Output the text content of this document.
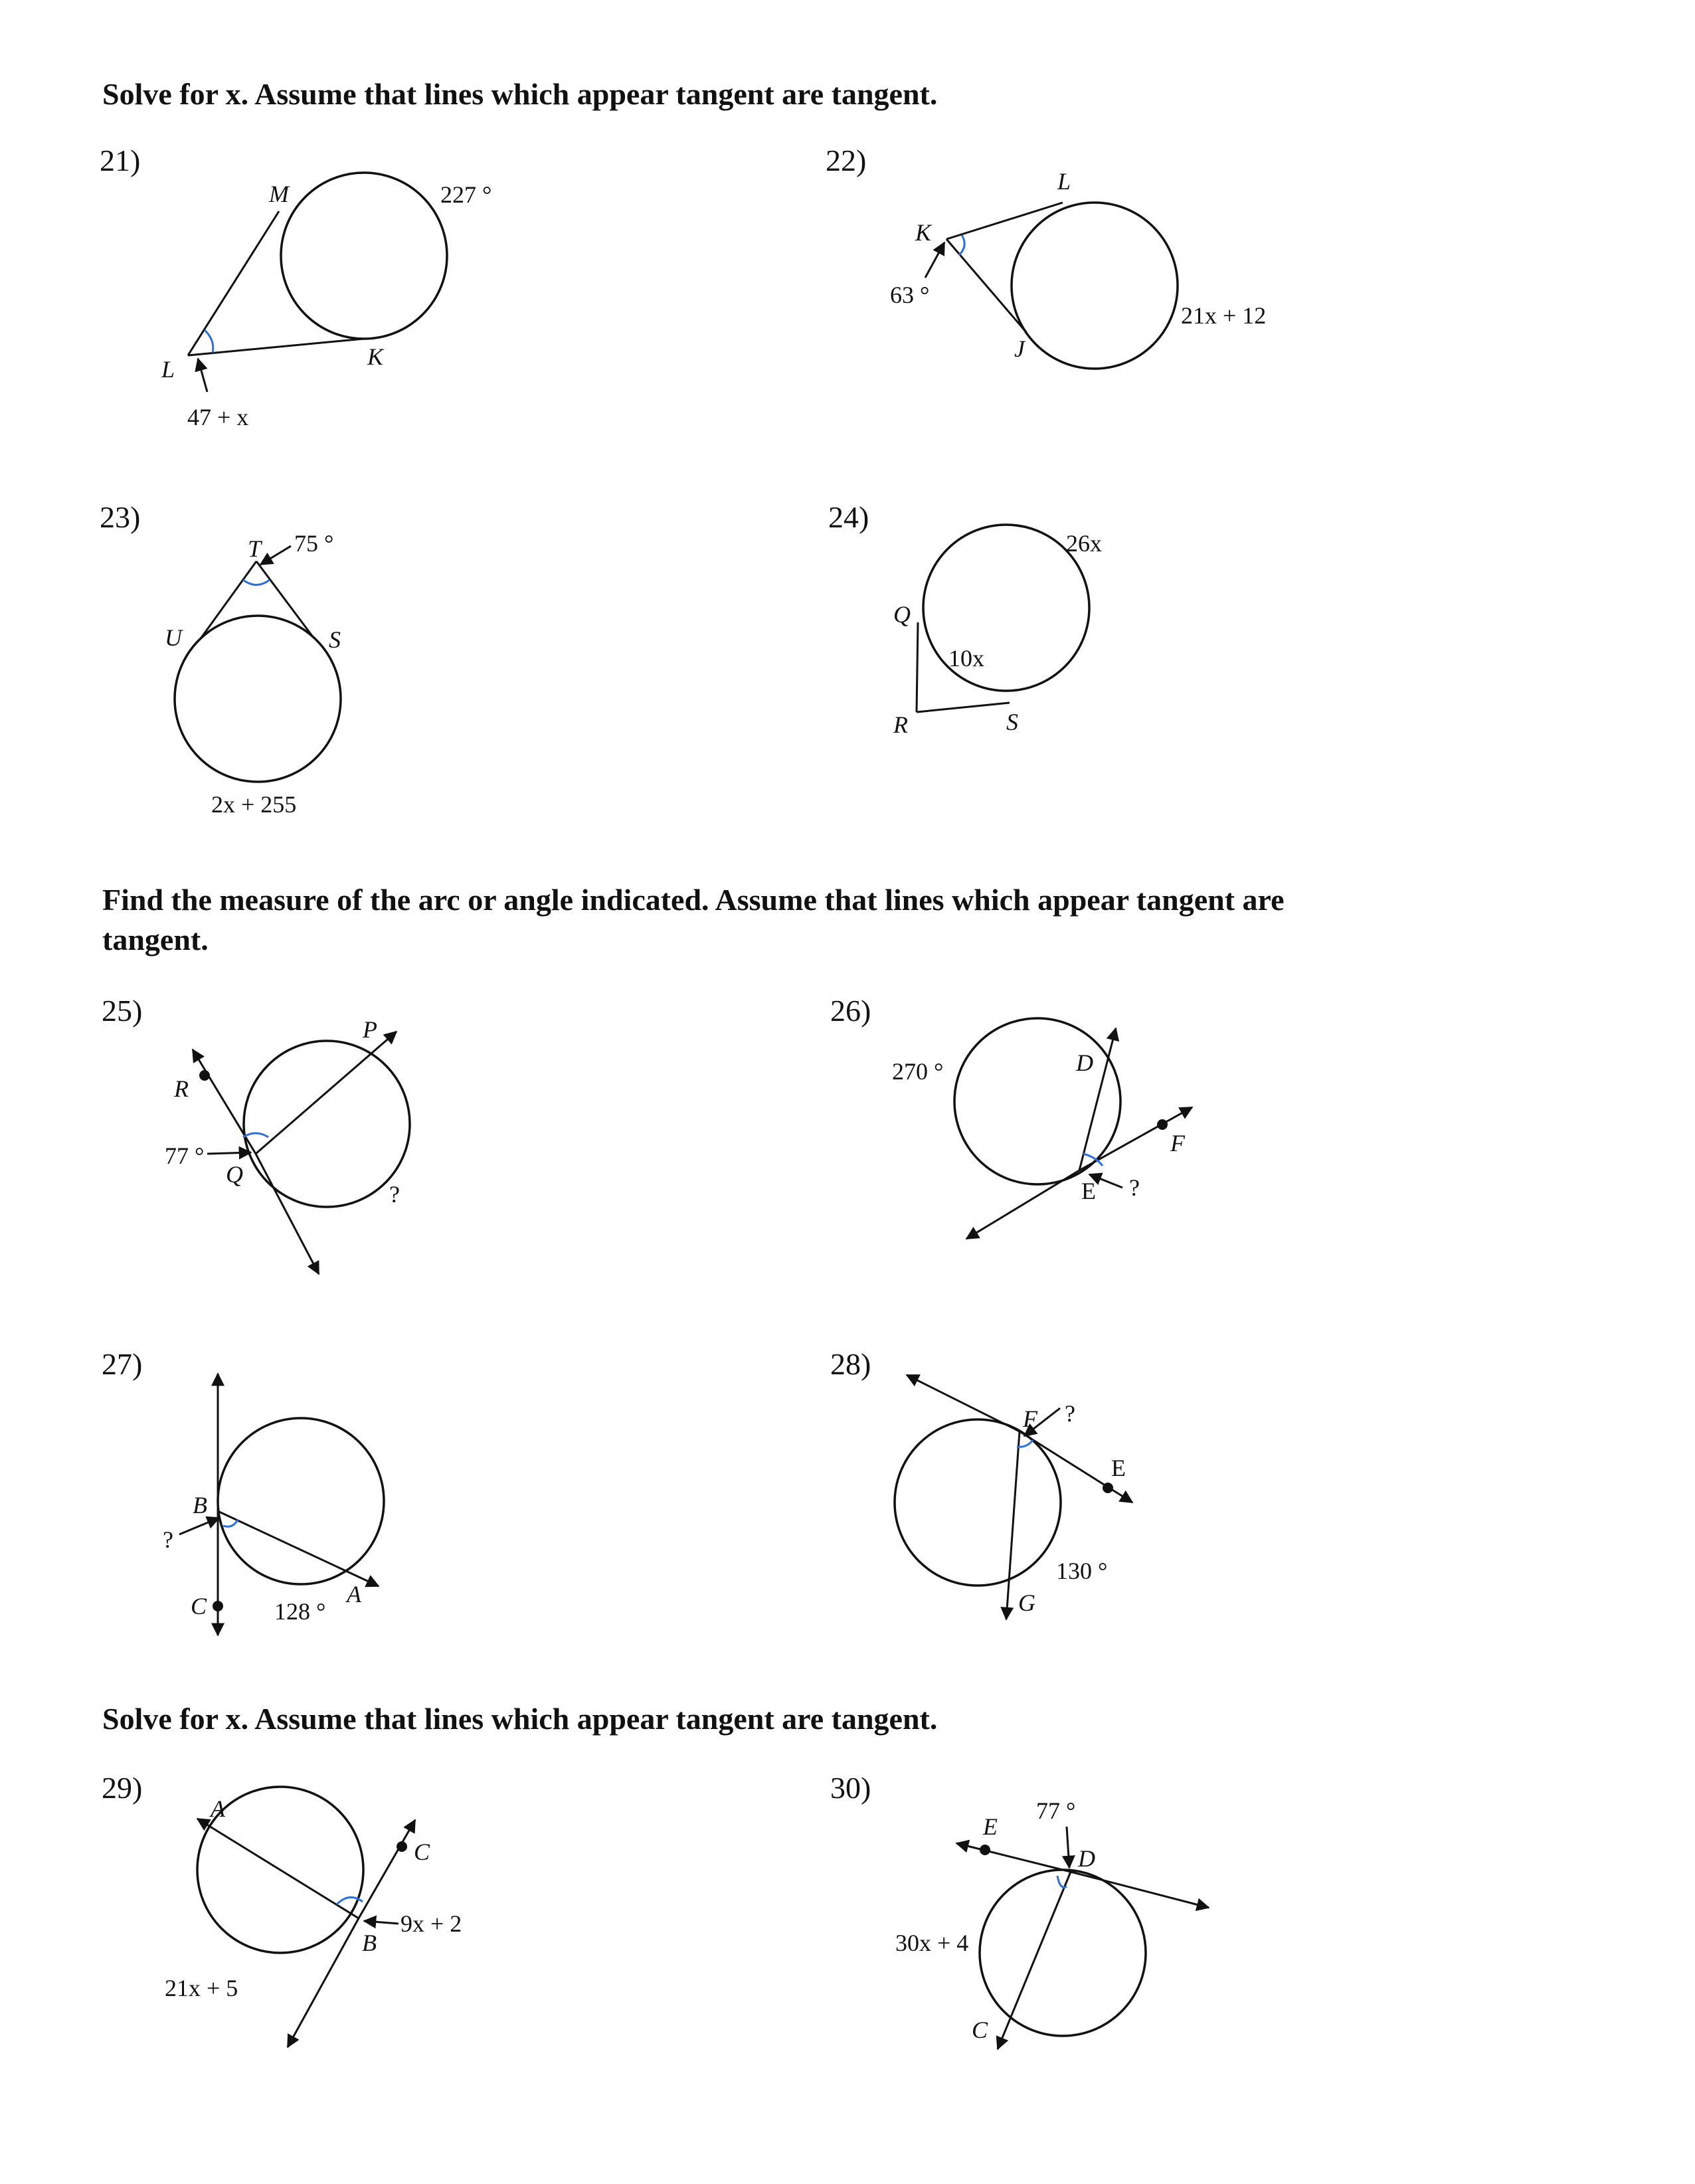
Solve for x. Assume that lines which appear tangent are tangent.
Find the measure of the arc or angle indicated. Assume that lines which appear tangent are
tangent.
Solve for x. Assume that lines which appear tangent are tangent.
21)	22)
23)	24)
25)	26)
27)	28)
29)	30)
M
L	K
227 °
47 + x
L
K
J
63 °
21x + 12
T
U	S
75 °
2x + 255
Q
R	S
26x
10x
R
Q
P
77 °
?
D
E
F
270 °
?
B
C	A
128 °
?
F
E
G
130 °
?
A
B
C
9x + 2
21x + 5
E
D
C
77 °
30x + 4
